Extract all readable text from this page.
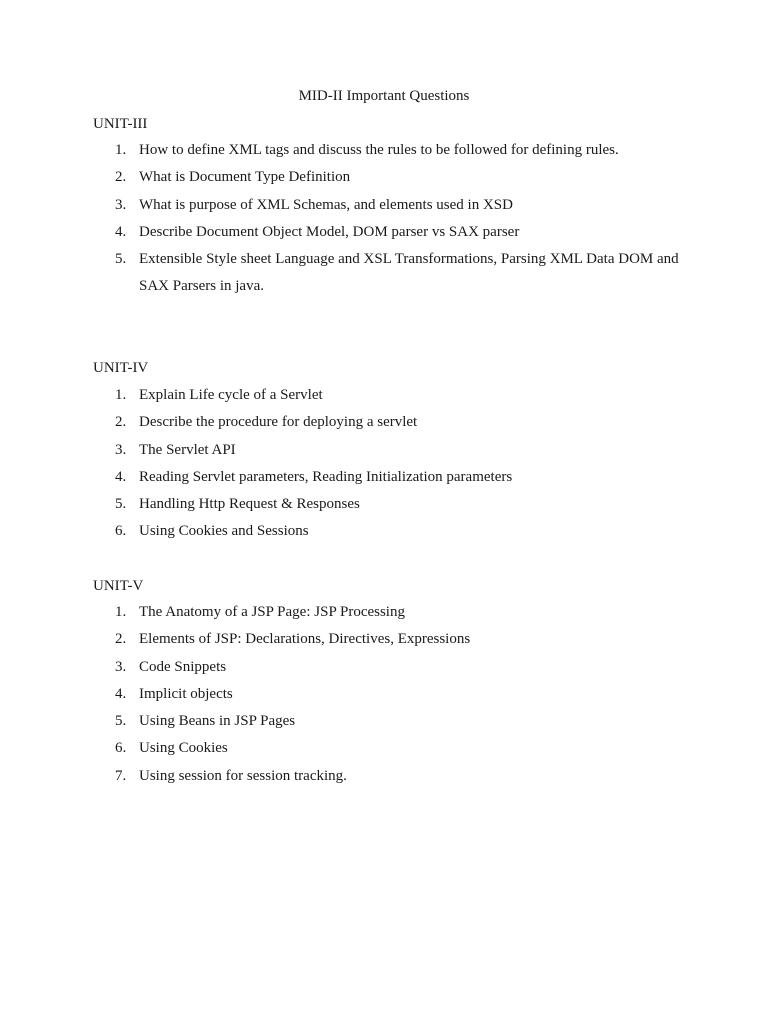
MID-II Important Questions
UNIT-III
1. How to define XML tags and discuss the rules to be followed for defining rules.
2. What is Document Type Definition
3. What is purpose of XML Schemas, and elements used in XSD
4. Describe Document Object Model, DOM parser vs SAX parser
5. Extensible Style sheet Language and XSL Transformations, Parsing XML Data DOM and SAX Parsers in java.
UNIT-IV
1. Explain Life cycle of a Servlet
2. Describe the procedure for deploying a servlet
3. The Servlet API
4. Reading Servlet parameters, Reading Initialization parameters
5. Handling Http Request & Responses
6. Using Cookies and Sessions
UNIT-V
1. The Anatomy of a JSP Page: JSP Processing
2. Elements of JSP: Declarations, Directives, Expressions
3. Code Snippets
4. Implicit objects
5. Using Beans in JSP Pages
6. Using Cookies
7. Using session for session tracking.
